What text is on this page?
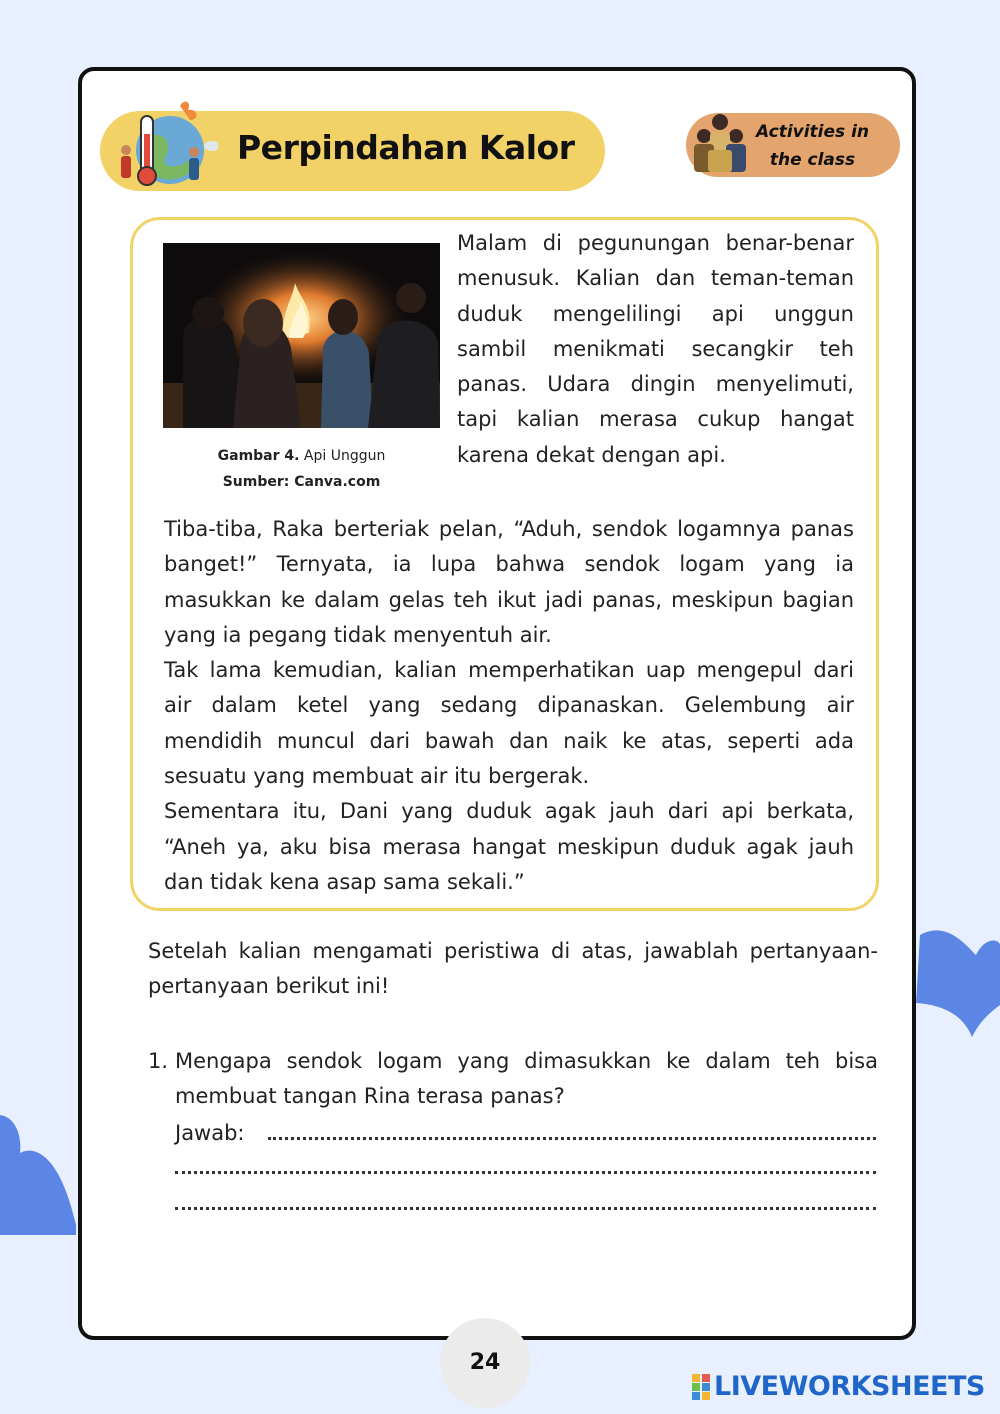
Perpindahan Kalor	Activities in
the class
Gambar 4. Api Unggun
Sumber: Canva.com
Malam di pegunungan benar-benar menusuk. Kalian dan teman-teman duduk mengelilingi api unggun sambil menikmati secangkir teh panas. Udara dingin menyelimuti, tapi kalian merasa cukup hangat karena dekat dengan api.

Tiba-tiba, Raka berteriak pelan, “Aduh, sendok logamnya panas banget!” Ternyata, ia lupa bahwa sendok logam yang ia masukkan ke dalam gelas teh ikut jadi panas, meskipun bagian yang ia pegang tidak menyentuh air.

Tak lama kemudian, kalian memperhatikan uap mengepul dari air dalam ketel yang sedang dipanaskan. Gelembung air mendidih muncul dari bawah dan naik ke atas, seperti ada sesuatu yang membuat air itu bergerak.

Sementara itu, Dani yang duduk agak jauh dari api berkata, “Aneh ya, aku bisa merasa hangat meskipun duduk agak jauh dan tidak kena asap sama sekali.”

Setelah kalian mengamati peristiwa di atas, jawablah pertanyaan-pertanyaan berikut ini!
1. Mengapa sendok logam yang dimasukkan ke dalam teh bisa membuat tangan Rina terasa panas?
Jawab:
24
LIVEWORKSHEETS
